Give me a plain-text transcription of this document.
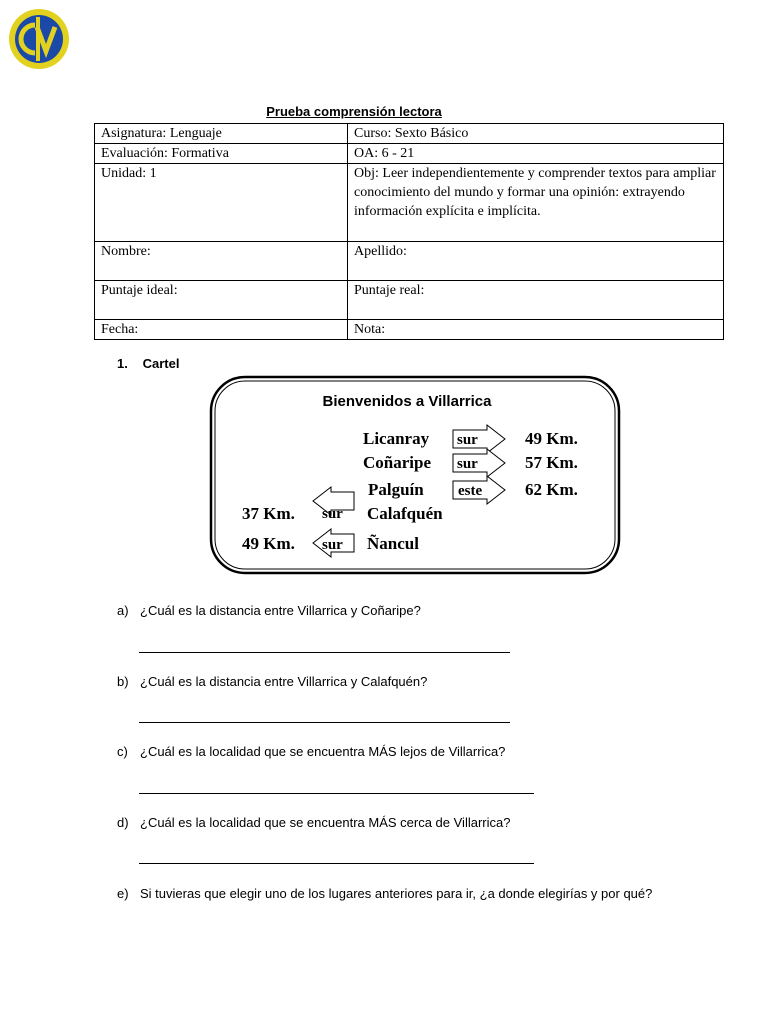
Prueba comprensión lectora
Asignatura: Lenguaje	Curso: Sexto Básico
Evaluación: Formativa	OA: 6 - 21
Unidad: 1	Obj: Leer independientemente y comprender textos para ampliar conocimiento del mundo y formar una opinión: extrayendo información explícita e implícita.
Nombre:	Apellido:
Puntaje ideal:	Puntaje real:
Fecha:	Nota:
1. Cartel
Bienvenidos a Villarrica
Licanray sur	49 Km.
Coñaripe sur	57 Km.
Palguín este	62 Km.
37 Km. sur Calafquén
49 Km. sur Ñancul
a) ¿Cuál es la distancia entre Villarrica y Coñaripe?
b) ¿Cuál es la distancia entre Villarrica y Calafquén?
c) ¿Cuál es la localidad que se encuentra MÁS lejos de Villarrica?
d) ¿Cuál es la localidad que se encuentra MÁS cerca de Villarrica?
e) Si tuvieras que elegir uno de los lugares anteriores para ir, ¿a donde elegirías y por qué?
